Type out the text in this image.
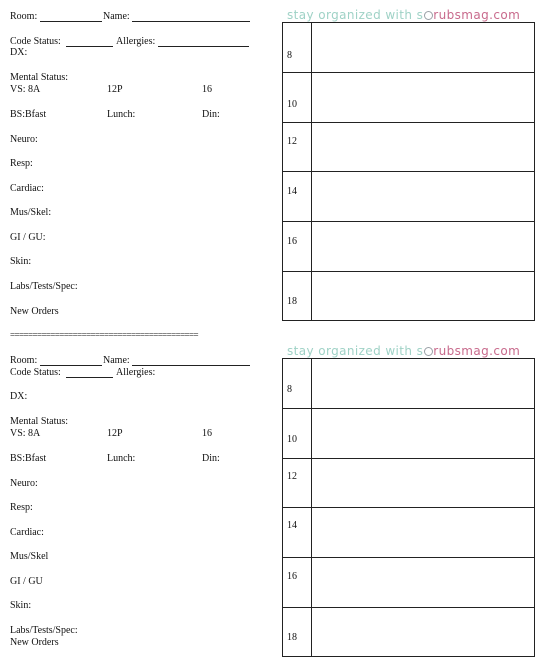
Room:	Name:
Code Status:	Allergies:
DX:
Mental Status:
VS: 8A	12P	16
BS:Bfast	Lunch:	Din:
Neuro:
Resp:
Cardiac:
Mus/Skel:
GI / GU:
Skin:
Labs/Tests/Spec:
New Orders
stay organized with s rubsmag.com
8
10
12
14
16
18
==========================================
Room:	Name:
Code Status:	Allergies:
DX:
Mental Status:
VS: 8A	12P	16
BS:Bfast	Lunch:	Din:
Neuro:
Resp:
Cardiac:
Mus/Skel
GI / GU
Skin:
Labs/Tests/Spec:
New Orders
stay organized with s rubsmag.com
8
10
12
14
16
18
